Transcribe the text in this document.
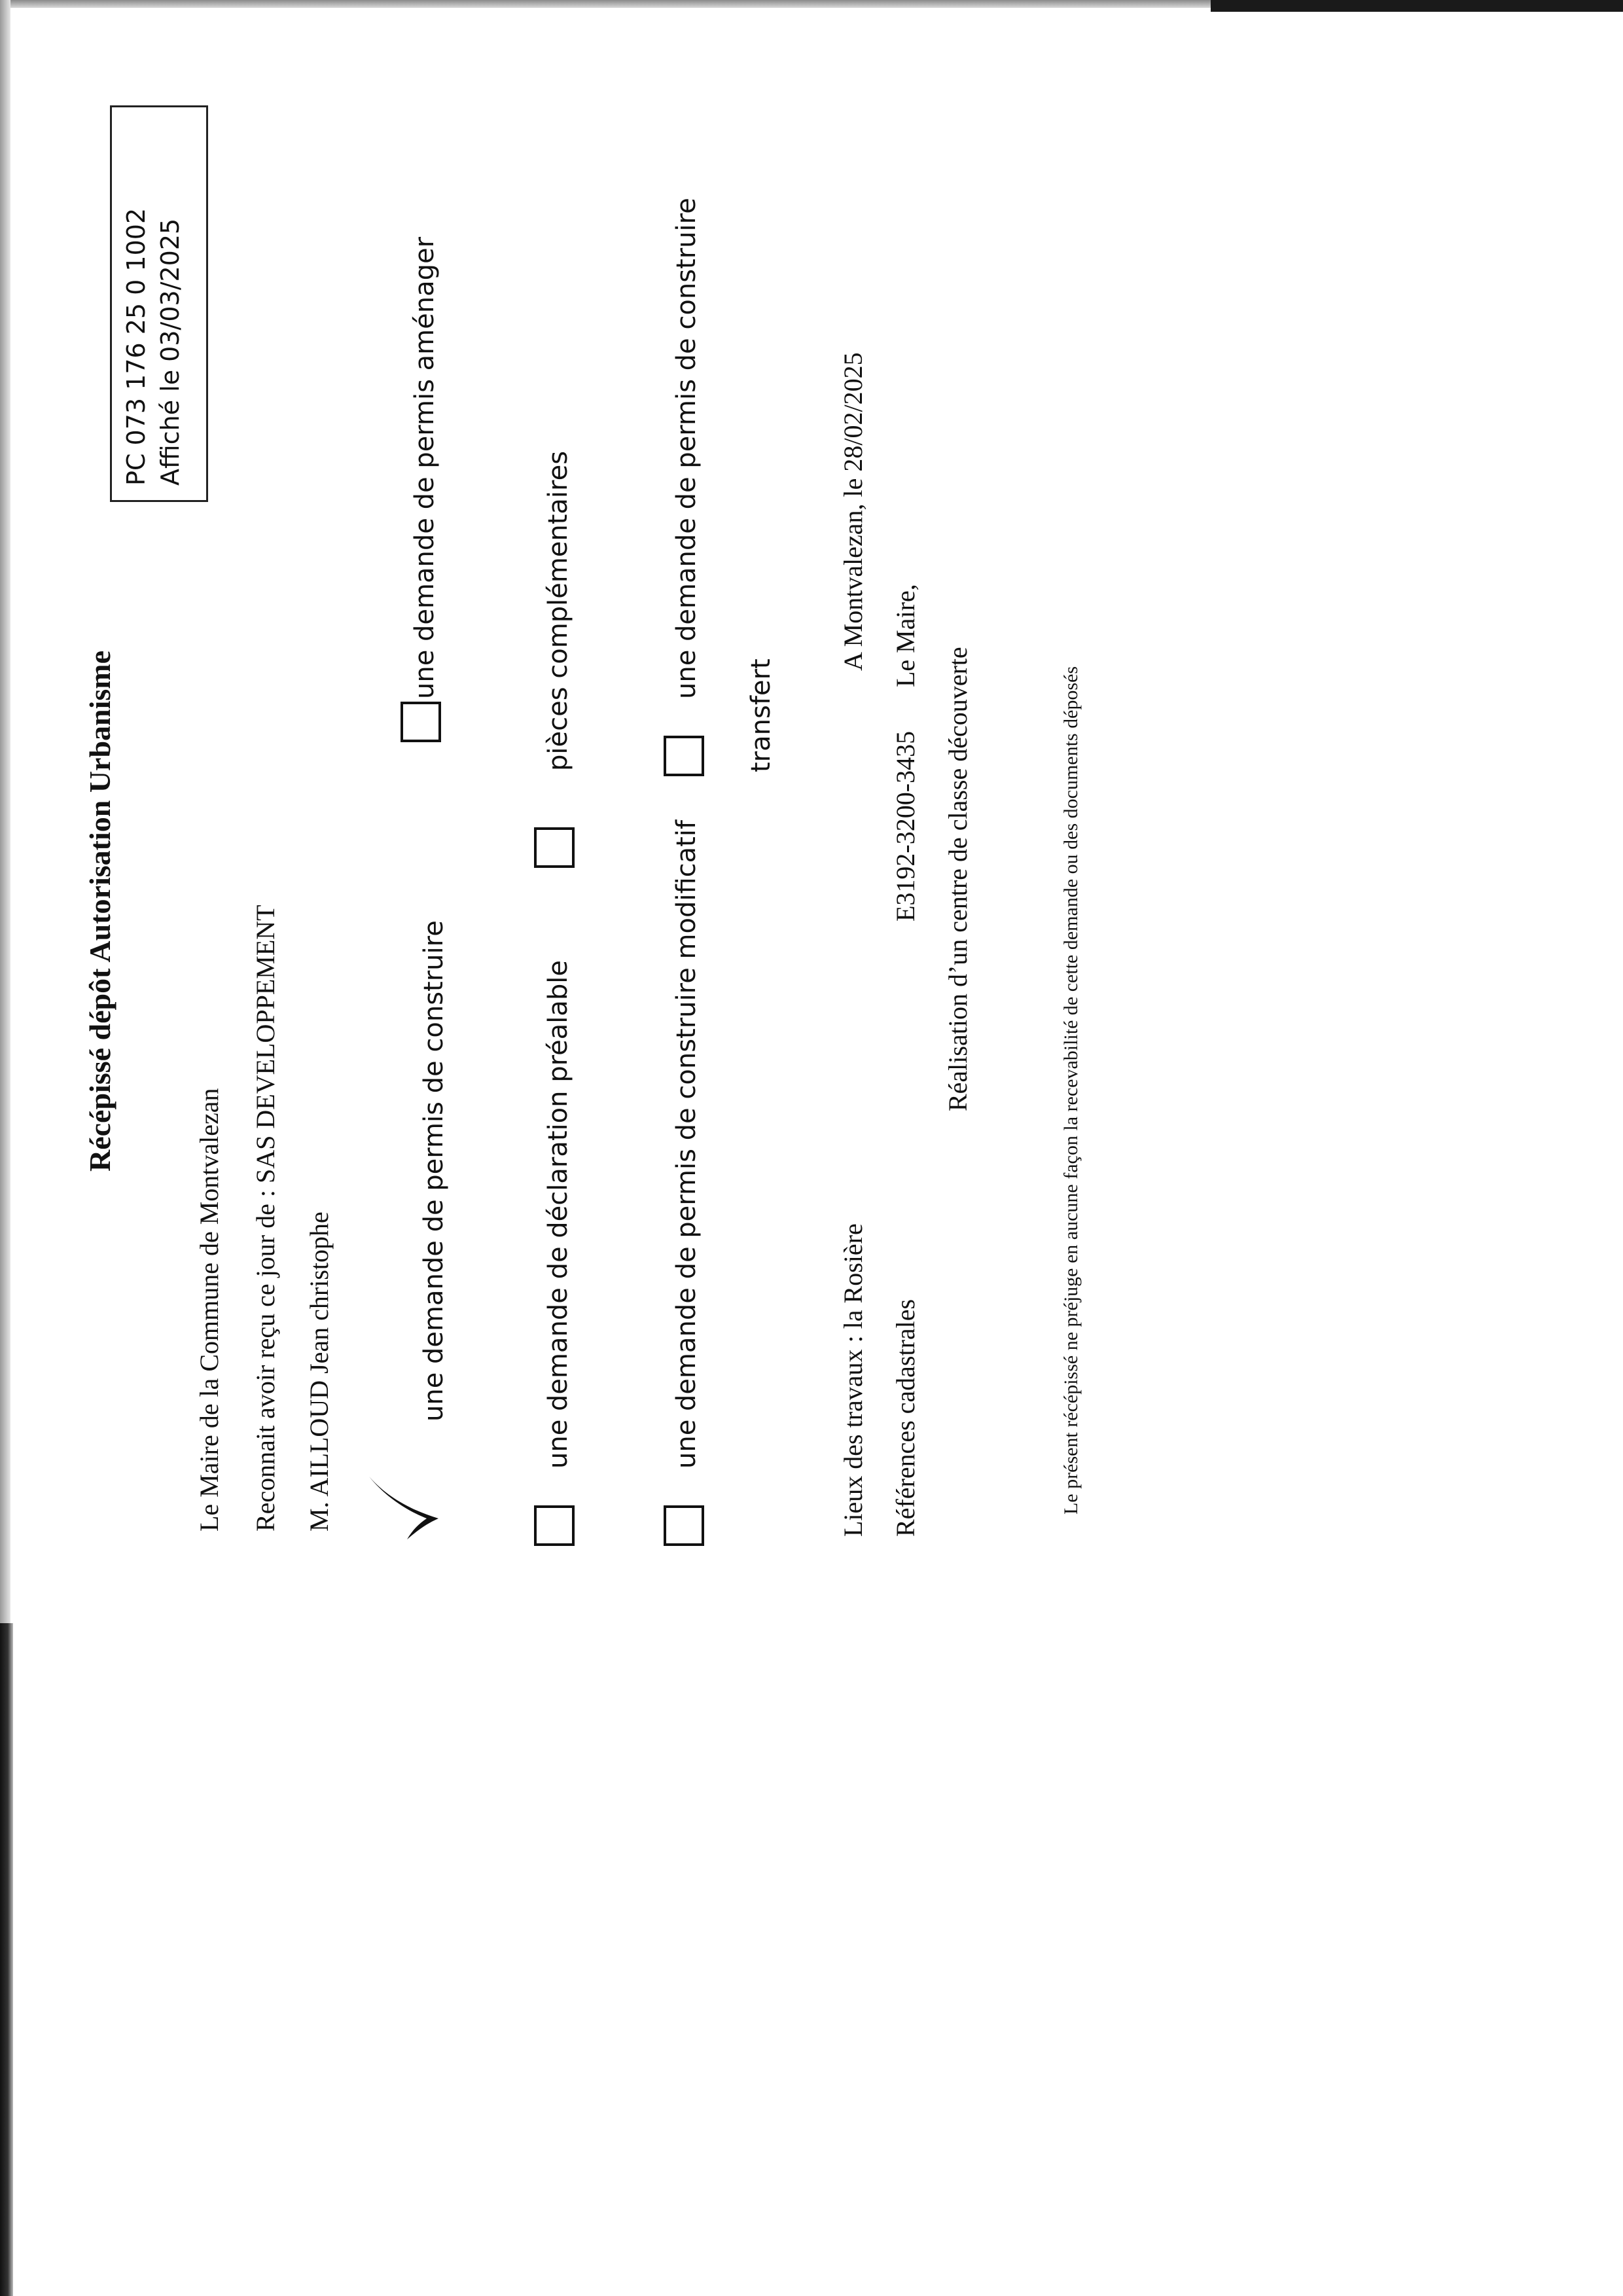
Récépissé dépôt Autorisation Urbanisme
PC 073 176 25 0 1002 Affiché le 03/03/2025
Le Maire de la Commune de Montvalezan Reconnait avoir reçu ce jour de : SAS DEVELOPPEMENT M. AILLOUD Jean christophe	une demande de permis de construire
une demande de permis aménager
une demande de déclaration préalable
pièces complémentaires
une demande de permis de construire modificatif
une demande de permis de construire
transfert
Lieux des travaux : la Rosière
A Montvalezan, le 28/02/2025
Références cadastrales
E3192-3200-3435
Le Maire,
Réalisation d’un centre de classe découverte	Le présent récépissé ne préjuge en aucune façon la recevabilité de cette demande ou des documents déposés
